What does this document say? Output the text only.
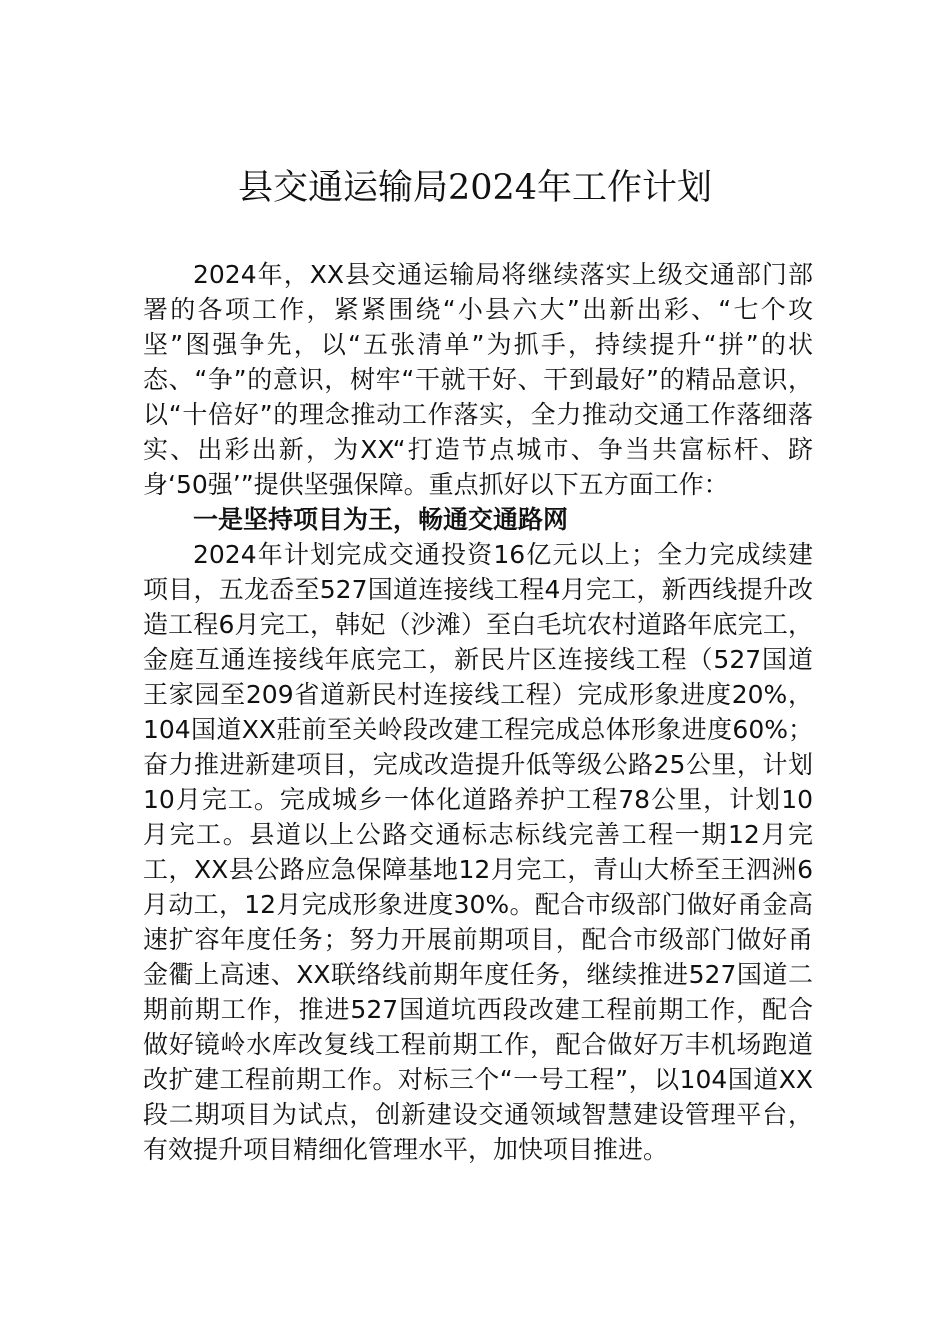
县交通运输局2024年工作计划

2024年，XX县交通运输局将继续落实上级交通部门部署的各项工作，紧紧围绕“小县六大”出新出彩、“七个攻坚”图强争先，以“五张清单”为抓手，持续提升“拼”的状态、“争”的意识，树牢“干就干好、干到最好”的精品意识，以“十倍好”的理念推动工作落实，全力推动交通工作落细落实、出彩出新，为XX“打造节点城市、争当共富标杆、跻身‘50强’”提供坚强保障。重点抓好以下五方面工作：

一是坚持项目为王，畅通交通路网

2024年计划完成交通投资16亿元以上；全力完成续建项目，五龙岙至527国道连接线工程4月完工，新西线提升改造工程6月完工，韩妃（沙滩）至白毛坑农村道路年底完工，金庭互通连接线年底完工，新民片区连接线工程（527国道王家园至209省道新民村连接线工程）完成形象进度20%，104国道XX莊前至关岭段改建工程完成总体形象进度60%；奋力推进新建项目，完成改造提升低等级公路25公里，计划10月完工。完成城乡一体化道路养护工程78公里，计划10月完工。县道以上公路交通标志标线完善工程一期12月完工，XX县公路应急保障基地12月完工，青山大桥至王泗洲6月动工，12月完成形象进度30%。配合市级部门做好甬金高速扩容年度任务；努力开展前期项目，配合市级部门做好甬金衢上高速、XX联络线前期年度任务，继续推进527国道二期前期工作，推进527国道坑西段改建工程前期工作，配合做好镜岭水库改复线工程前期工作，配合做好万丰机场跑道改扩建工程前期工作。对标三个“一号工程”，以104国道XX段二期项目为试点，创新建设交通领域智慧建设管理平台，有效提升项目精细化管理水平，加快项目推进。
